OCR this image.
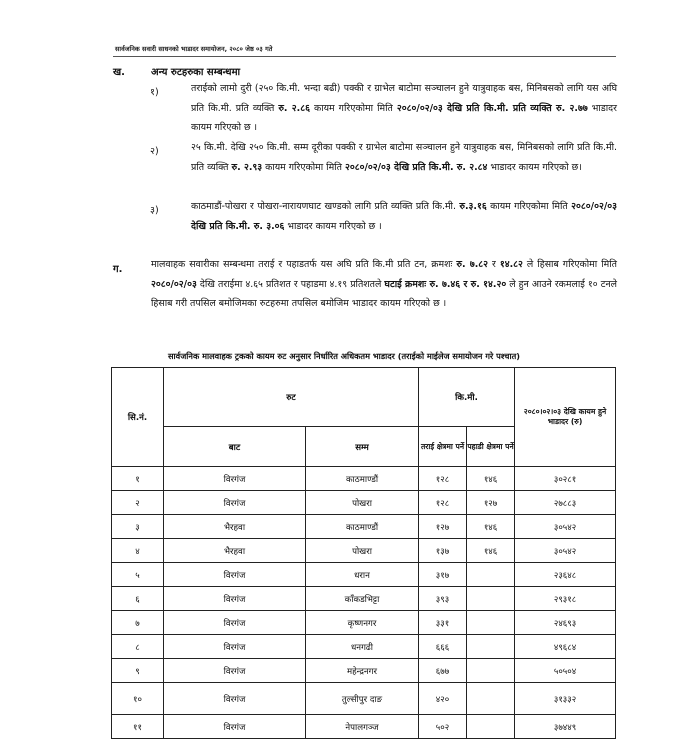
सार्वजनिक सवारी साधनको भाडादर समायोजन, २०८० जेष्ठ ०३ गते
ख.	अन्य रुटहरुका सम्बन्धमा
१)	तराईको लामो दुरी (२५० कि.मी. भन्दा बढी) पक्की र ग्राभेल बाटोमा सञ्चालन हुने यात्रुवाहक बस, मिनिबसको लागि यस अघि प्रति कि.मी. प्रति व्यक्ति रु. २.८६ कायम गरिएकोमा मिति २०८०/०२/०३ देखि प्रति कि.मी. प्रति व्यक्ति रु. २.७७ भाडादर कायम गरिएको छ ।
२)	२५ कि.मी. देखि २५० कि.मी. सम्म दूरीका पक्की र ग्राभेल बाटोमा सञ्चालन हुने यात्रुवाहक बस, मिनिबसको लागि प्रति कि.मी. प्रति व्यक्ति रु. २.९३ कायम गरिएकोमा मिति २०८०/०२/०३ देखि प्रति कि.मी. रु. २.८४ भाडादर कायम गरिएको छ।
३)	काठमाडौं-पोखरा र पोखरा-नारायणघाट खण्डको लागि प्रति व्यक्ति प्रति कि.मी. रु.३.१६ कायम गरिएकोमा मिति २०८०/०२/०३ देखि प्रति कि.मी. रु. ३.०६ भाडादर कायम गरिएको छ ।
ग.	मालवाहक सवारीका सम्बन्धमा तराई र पहाडतर्फ यस अघि प्रति कि.मी प्रति टन, क्रमशः रु. ७.८२ र १४.८२ ले हिसाब गरिएकोमा मिति २०८०/०२/०३ देखि तराईमा ४.६५ प्रतिशत र पहाडमा ४.१९ प्रतिशतले घटाई क्रमशः रु. ७.४६ र रु. १४.२० ले हुन आउने रकमलाई १० टनले हिसाब गरी तपसिल बमोजिमका रुटहरुमा तपसिल बमोजिम भाडादर कायम गरिएको छ ।
सार्वजनिक मालवाहक ट्रकको कायम रुट अनुसार निर्धारित अधिकतम भाडादर (तराईको माईलेज समायोजन गरे पश्चात)
सि.नं.	रुट		कि.मी.		२०८०।०२।०३ देखि कायम हुने भाडादर (रु)
	बाट	सम्म	तराई क्षेत्रमा पर्ने	पहाडी क्षेत्रमा पर्ने	
१	विरगंज	काठमाण्डौं	१२८	१४६	३०२८१
२	विरगंज	पोखरा	१२८	१२७	२७८८३
३	भैरहवा	काठमाण्डौं	१२७	१४६	३०५४२
४	भैरहवा	पोखरा	१३७	१४६	३०५४२
५	विरगंज	धरान	३१७		२३६४८
६	विरगंज	काँकडभिट्टा	३९३		२९३१८
७	विरगंज	कृष्णनगर	३३१		२४६९३
८	विरगंज	धनगढी	६६६		४९६८४
९	विरगंज	महेन्द्रनगर	६७७		५०५०४
१०	विरगंज	तुल्सीपुर दाङ	४२०		३१३३२
११	विरगंज	नेपालगञ्ज	५०२		३७४४९
